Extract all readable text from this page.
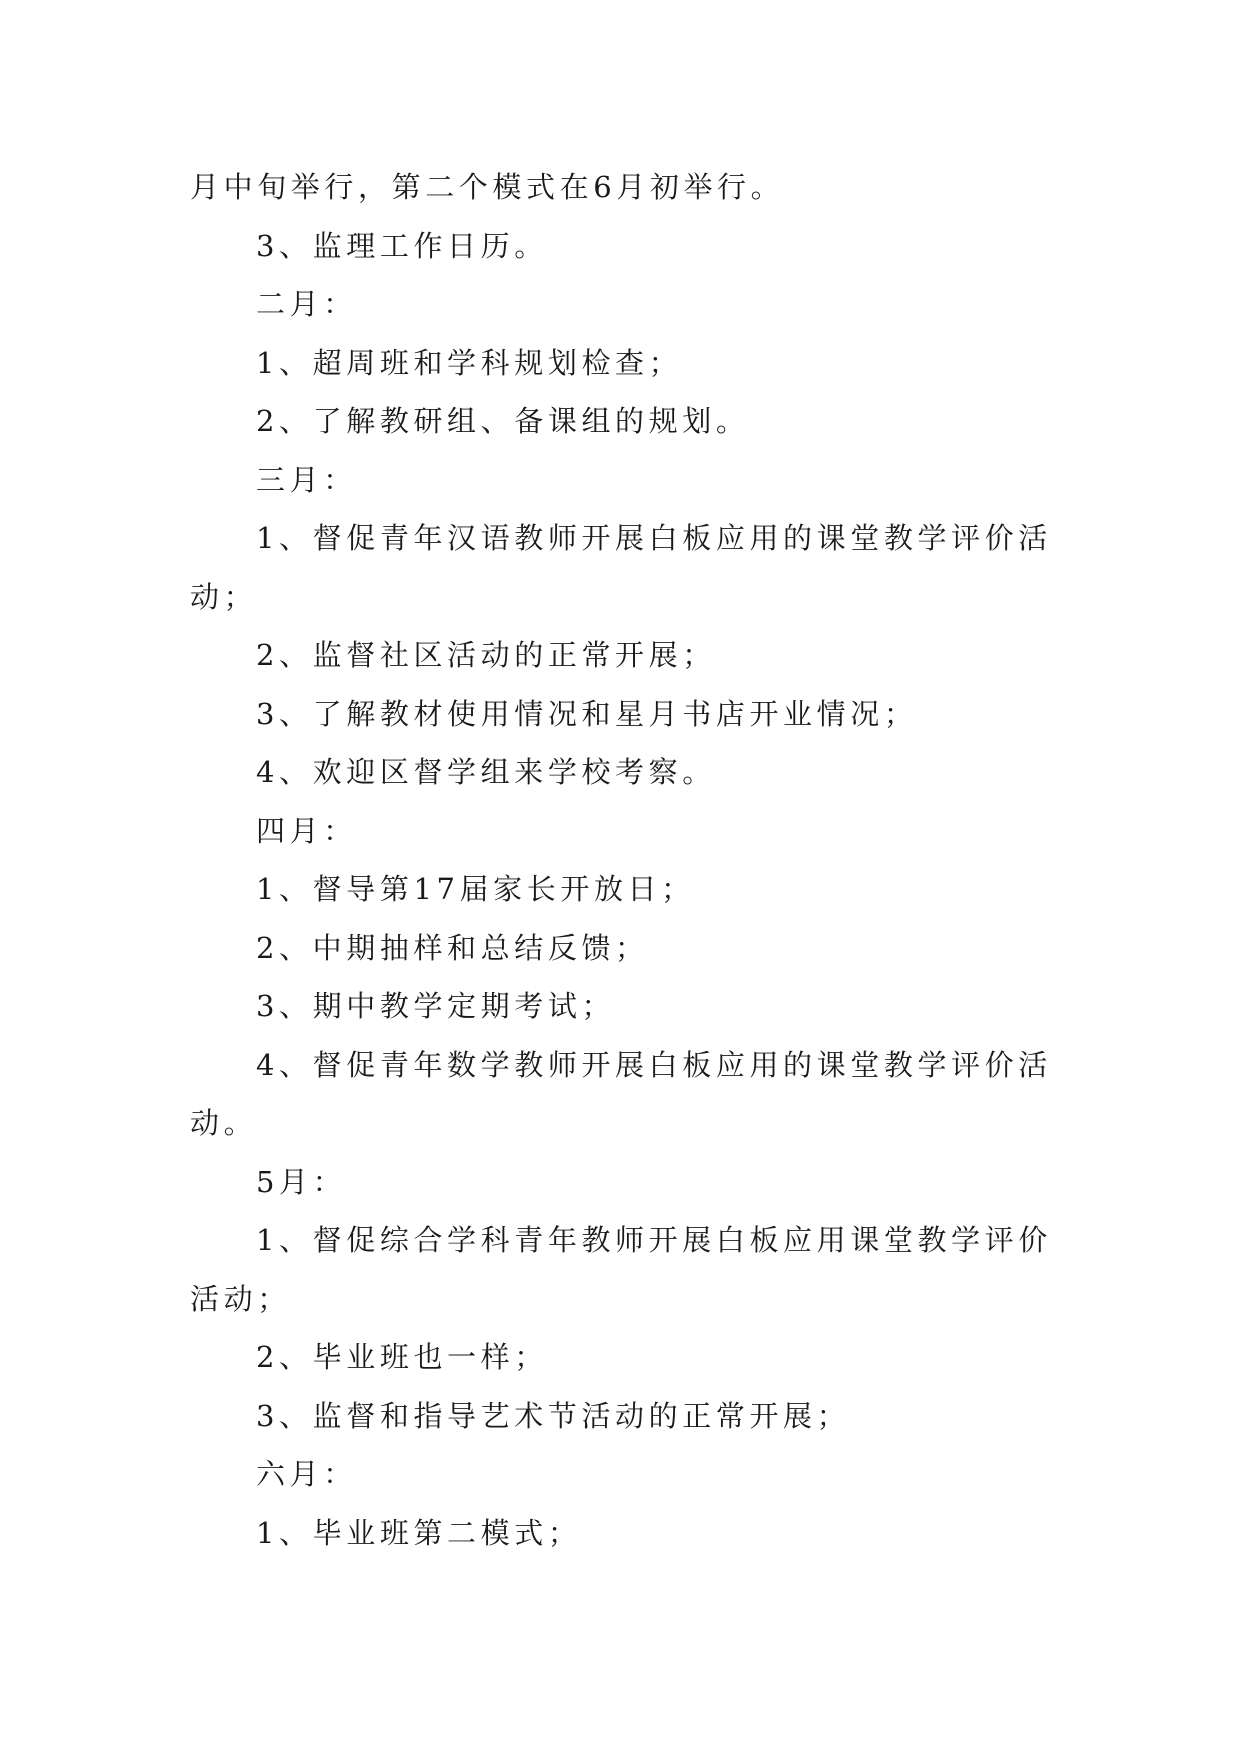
月中旬举行，第二个模式在6月初举行。

3、监理工作日历。

二月：

1、超周班和学科规划检查；

2、了解教研组、备课组的规划。

三月：

1、督促青年汉语教师开展白板应用的课堂教学评价活动；

2、监督社区活动的正常开展；

3、了解教材使用情况和星月书店开业情况；

4、欢迎区督学组来学校考察。

四月：

1、督导第17届家长开放日；

2、中期抽样和总结反馈；

3、期中教学定期考试；

4、督促青年数学教师开展白板应用的课堂教学评价活动。

5月：

1、督促综合学科青年教师开展白板应用课堂教学评价活动；

2、毕业班也一样；

3、监督和指导艺术节活动的正常开展；

六月：

1、毕业班第二模式；
